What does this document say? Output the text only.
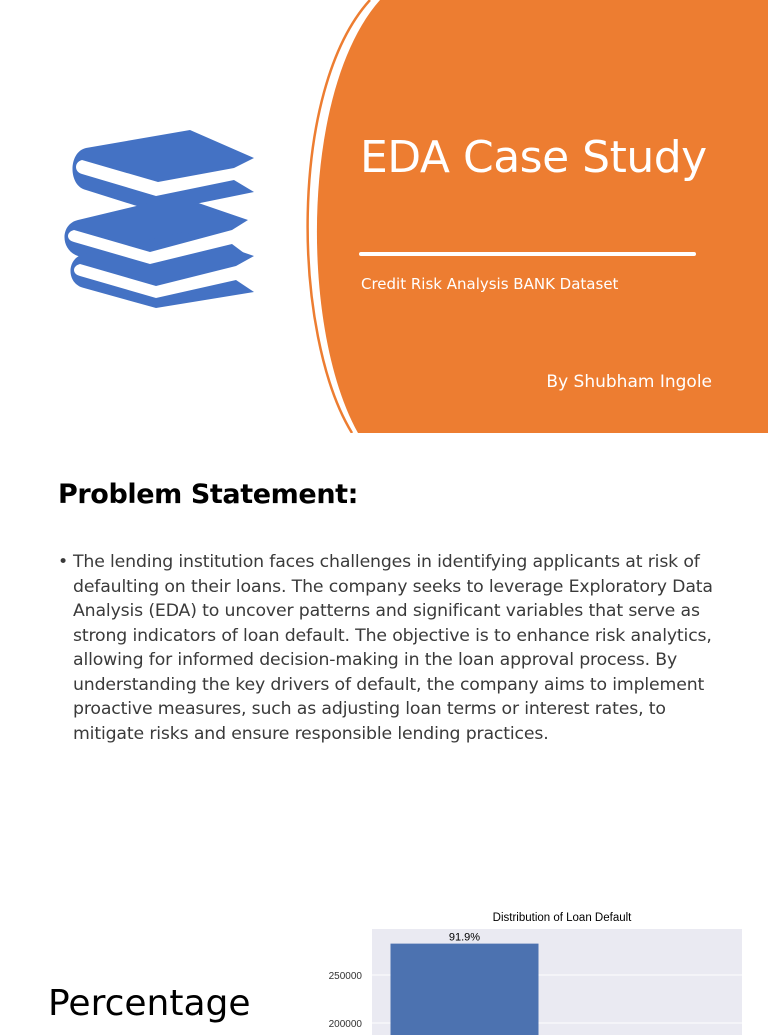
EDA Case Study
Credit Risk Analysis BANK Dataset
By Shubham Ingole
Problem Statement:
• The lending institution faces challenges in identifying applicants at risk of defaulting on their loans. The company seeks to leverage Exploratory Data Analysis (EDA) to uncover patterns and significant variables that serve as strong indicators of loan default. The objective is to enhance risk analytics, allowing for informed decision-making in the loan approval process. By understanding the key drivers of default, the company aims to implement proactive measures, such as adjusting loan terms or interest rates, to mitigate risks and ensure responsible lending practices.
Percentage
Distribution of Loan Default
200000
250000
91.9%
